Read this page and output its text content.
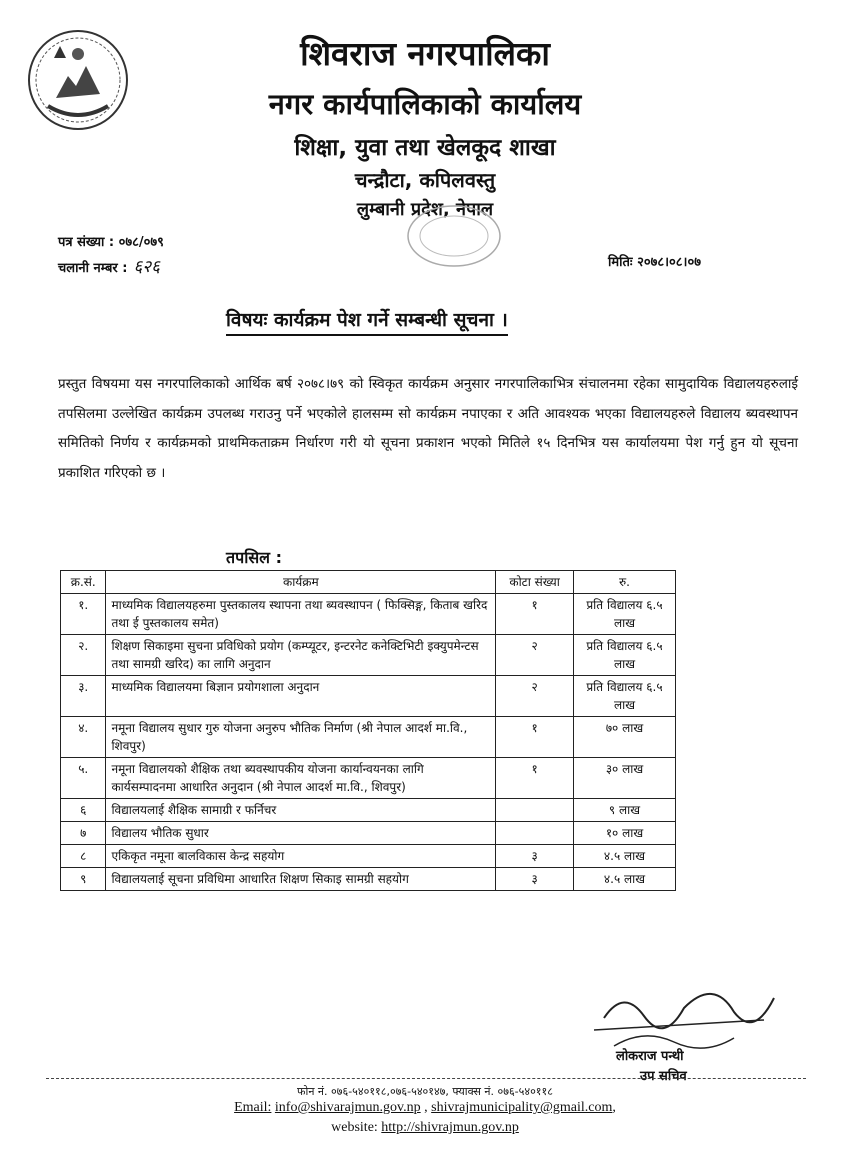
शिवराज नगरपालिका
नगर कार्यपालिकाको कार्यालय
शिक्षा, युवा तथा खेलकूद शाखा
चन्द्रौटा, कपिलवस्तु
लुम्बानी प्रदेश, नेपाल
पत्र संख्या : ०७८/०७९
चलानी नम्बर : ६२६	मितिः २०७८।०८।०७
विषयः कार्यक्रम पेश गर्ने सम्बन्धी सूचना ।
प्रस्तुत विषयमा यस नगरपालिकाको आर्थिक बर्ष २०७८।७९ को स्विकृत कार्यक्रम अनुसार नगरपालिकाभित्र संचालनमा रहेका सामुदायिक विद्यालयहरुलाई तपसिलमा उल्लेखित कार्यक्रम उपलब्ध गराउनु पर्ने भएकोले हालसम्म सो कार्यक्रम नपाएका र अति आवश्यक भएका विद्यालयहरुले विद्यालय ब्यवस्थापन समितिको निर्णय र कार्यक्रमको प्राथमिकताक्रम निर्धारण गरी यो सूचना प्रकाशन भएको मितिले १५ दिनभित्र यस कार्यालयमा पेश गर्नु हुन यो सूचना प्रकाशित गरिएको छ ।
तपसिल :
क्र.सं.	कार्यक्रम	कोटा संख्या	रु.
१.	माध्यमिक विद्यालयहरुमा पुस्तकालय स्थापना तथा ब्यवस्थापन ( फिक्सिङ्ग, किताब खरिद तथा ई पुस्तकालय समेत)	१	प्रति विद्यालय ६.५ लाख
२.	शिक्षण सिकाइमा सुचना प्रविधिको प्रयोग (कम्प्यूटर, इन्टरनेट कनेक्टिभिटी इक्युपमेन्टस तथा सामग्री खरिद) का लागि अनुदान	२	प्रति विद्यालय ६.५ लाख
३.	माध्यमिक विद्यालयमा बिज्ञान प्रयोगशाला अनुदान	२	प्रति विद्यालय ६.५ लाख
४.	नमूना विद्यालय सुधार गुरु योजना अनुरुप भौतिक निर्माण (श्री नेपाल आदर्श मा.वि., शिवपुर)	१	७० लाख
५.	नमूना विद्यालयको शैक्षिक तथा ब्यवस्थापकीय योजना कार्यान्वयनका लागि कार्यसम्पादनमा आधारित अनुदान (श्री नेपाल आदर्श मा.वि., शिवपुर)	१	३० लाख
६	विद्यालयलाई शैक्षिक सामाग्री र फर्निचर		९ लाख
७	विद्यालय भौतिक सुधार		१० लाख
८	एकिकृत नमूना बालविकास केन्द्र सहयोग	३	४.५ लाख
९	विद्यालयलाई सूचना प्रविधिमा आधारित शिक्षण सिकाइ सामग्री सहयोग	३	४.५ लाख
लोकराज पन्थी
उप सचिव
फोन नं. ०७६-५४०११८,०७६-५४०१४७, फ्याक्स नं. ०७६-५४०११८
Email: info@shivarajmun.gov.np , shivrajmunicipality@gmail.com,
website: http://shivrajmun.gov.np
